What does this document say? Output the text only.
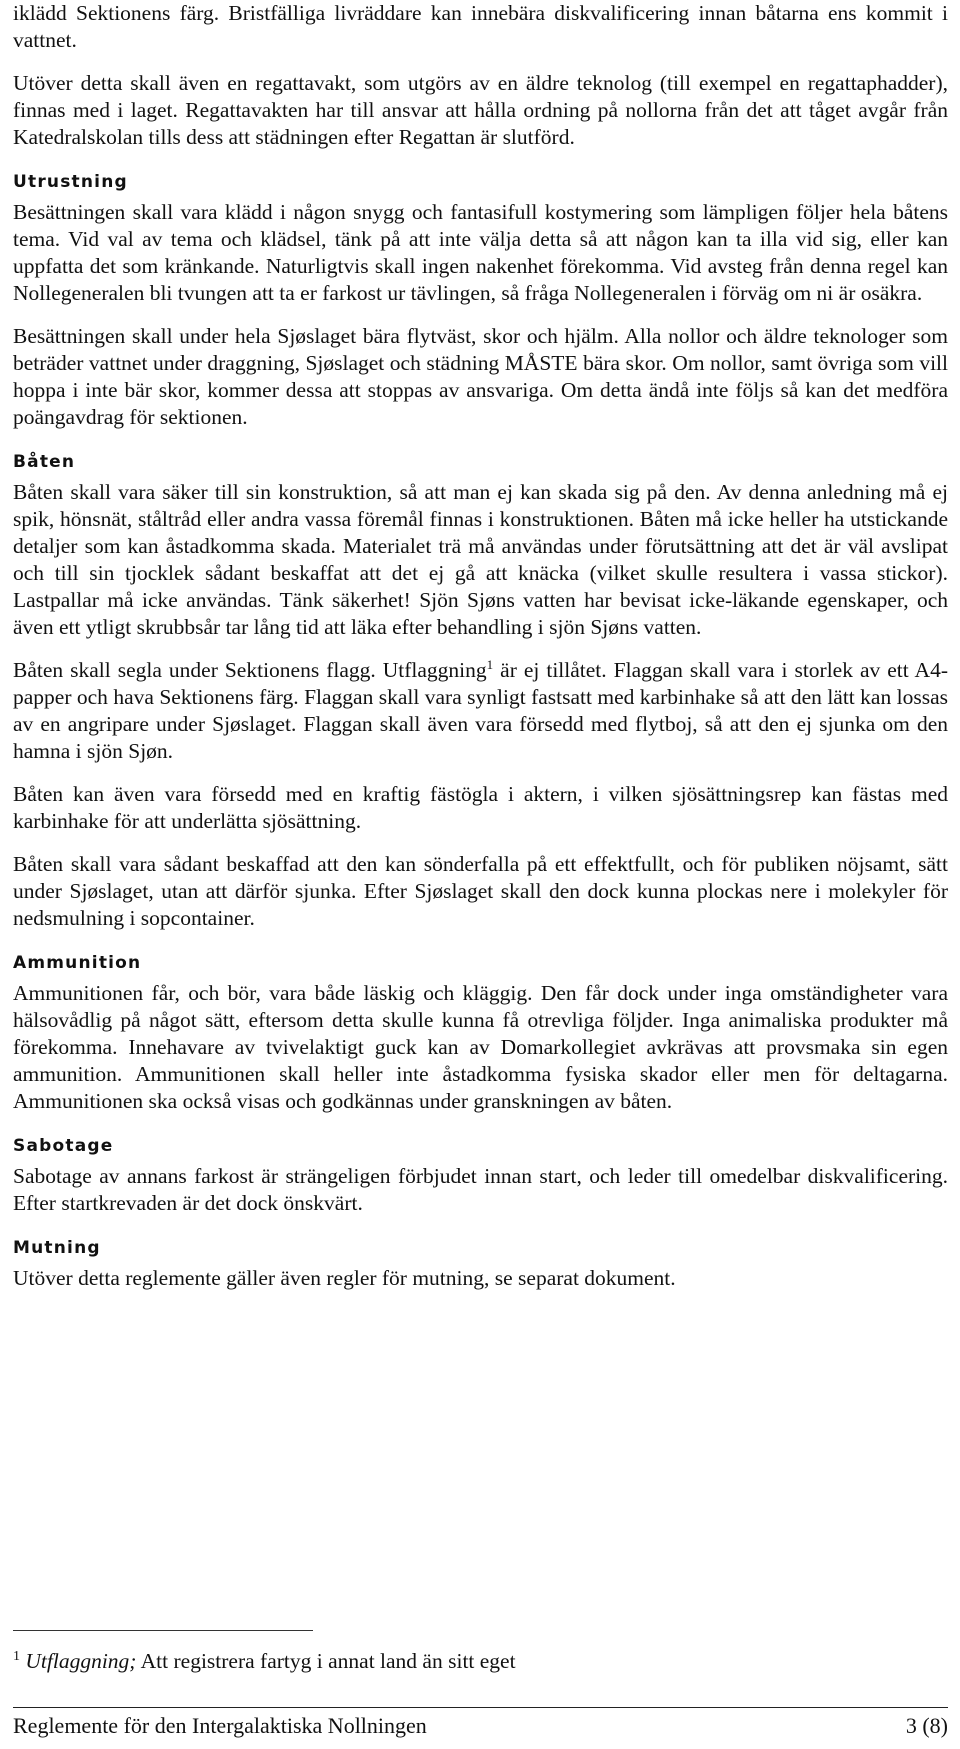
iklädd Sektionens färg. Bristfälliga livräddare kan innebära diskvalificering innan båtarna ens kommit i vattnet.

Utöver detta skall även en regattavakt, som utgörs av en äldre teknolog (till exempel en regattaphadder), finnas med i laget. Regattavakten har till ansvar att hålla ordning på nollorna från det att tåget avgår från Katedralskolan tills dess att städningen efter Regattan är slutförd.

Utrustning

Besättningen skall vara klädd i någon snygg och fantasifull kostymering som lämpligen följer hela båtens tema. Vid val av tema och klädsel, tänk på att inte välja detta så att någon kan ta illa vid sig, eller kan uppfatta det som kränkande. Naturligtvis skall ingen nakenhet förekomma. Vid avsteg från denna regel kan Nollegeneralen bli tvungen att ta er farkost ur tävlingen, så fråga Nollegeneralen i förväg om ni är osäkra.

Besättningen skall under hela Sjøslaget bära flytväst, skor och hjälm. Alla nollor och äldre teknologer som beträder vattnet under draggning, Sjøslaget och städning MÅSTE bära skor. Om nollor, samt övriga som vill hoppa i inte bär skor, kommer dessa att stoppas av ansvariga. Om detta ändå inte följs så kan det medföra poängavdrag för sektionen.

Båten

Båten skall vara säker till sin konstruktion, så att man ej kan skada sig på den. Av denna anledning må ej spik, hönsnät, ståltråd eller andra vassa föremål finnas i konstruktionen. Båten må icke heller ha utstickande detaljer som kan åstadkomma skada. Materialet trä må användas under förutsättning att det är väl avslipat och till sin tjocklek sådant beskaffat att det ej gå att knäcka (vilket skulle resultera i vassa stickor). Lastpallar må icke användas. Tänk säkerhet! Sjön Sjøns vatten har bevisat icke-läkande egenskaper, och även ett ytligt skrubbsår tar lång tid att läka efter behandling i sjön Sjøns vatten.

Båten skall segla under Sektionens flagg. Utflaggning$^1$ är ej tillåtet. Flaggan skall vara i storlek av ett A4-papper och hava Sektionens färg. Flaggan skall vara synligt fastsatt med karbinhake så att den lätt kan lossas av en angripare under Sjøslaget. Flaggan skall även vara försedd med flytboj, så att den ej sjunka om den hamna i sjön Sjøn.

Båten kan även vara försedd med en kraftig fästögla i aktern, i vilken sjösättningsrep kan fästas med karbinhake för att underlätta sjösättning.

Båten skall vara sådant beskaffad att den kan sönderfalla på ett effektfullt, och för publiken nöjsamt, sätt under Sjøslaget, utan att därför sjunka. Efter Sjøslaget skall den dock kunna plockas nere i molekyler för nedsmulning i sopcontainer.

Ammunition

Ammunitionen får, och bör, vara både läskig och kläggig. Den får dock under inga omständigheter vara hälsovådlig på något sätt, eftersom detta skulle kunna få otrevliga följder. Inga animaliska produkter må förekomma. Innehavare av tvivelaktigt guck kan av Domarkollegiet avkrävas att provsmaka sin egen ammunition. Ammunitionen skall heller inte åstadkomma fysiska skador eller men för deltagarna. Ammunitionen ska också visas och godkännas under granskningen av båten.

Sabotage

Sabotage av annans farkost är strängeligen förbjudet innan start, och leder till omedelbar diskvalificering. Efter startkrevaden är det dock önskvärt.

Mutning

Utöver detta reglemente gäller även regler för mutning, se separat dokument.

$^1$ Utflaggning; Att registrera fartyg i annat land än sitt eget
Reglemente för den Intergalaktiska Nollningen	3 (8)
